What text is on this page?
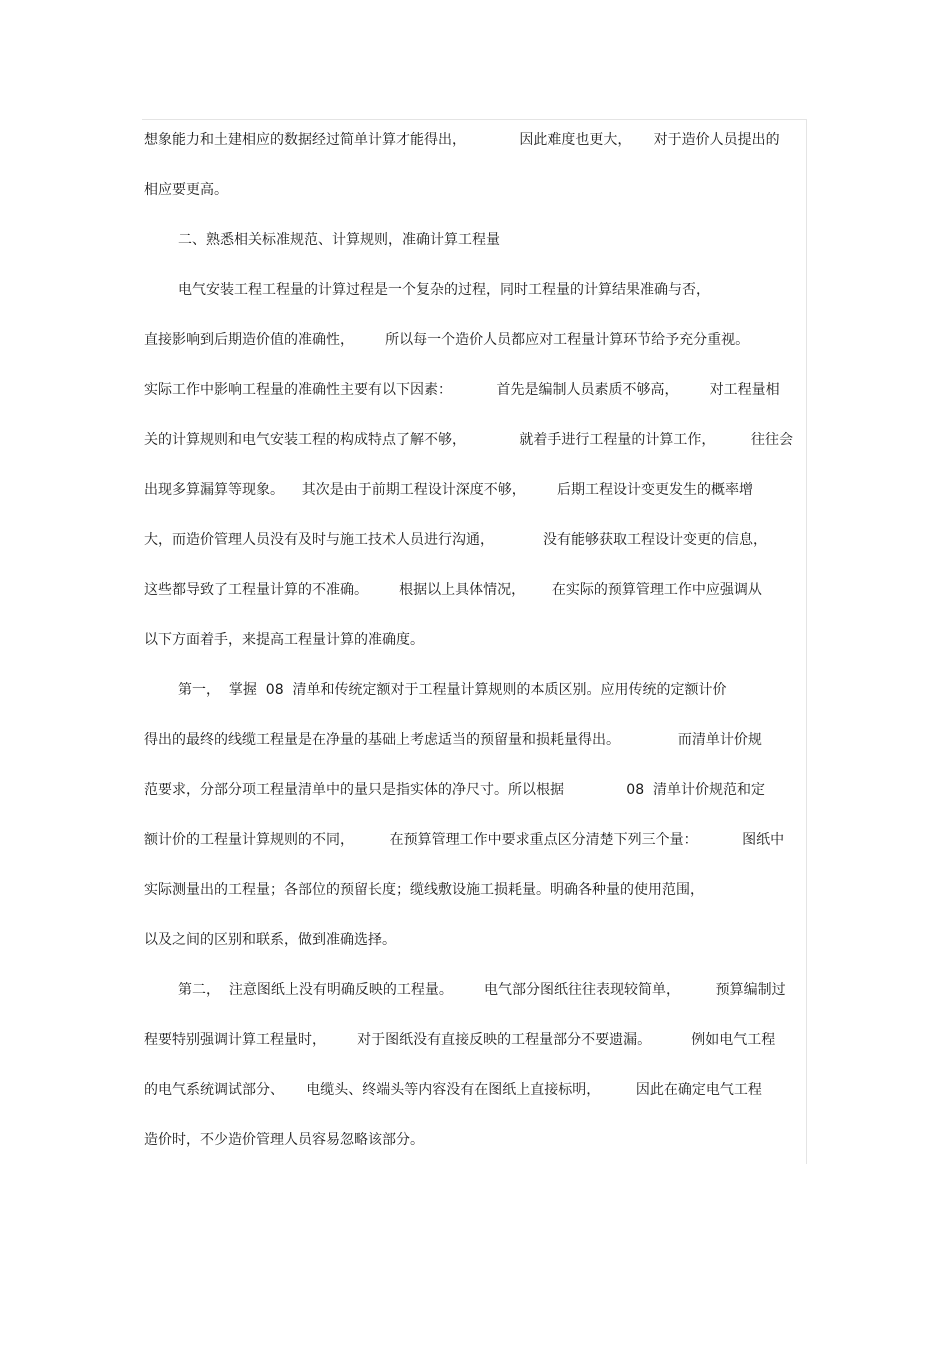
想象能力和土建相应的数据经过简单计算才能得出，            因此难度也更大，     对于造价人员提出的
相应要更高。
二、熟悉相关标准规范、计算规则，准确计算工程量
电气安装工程工程量的计算过程是一个复杂的过程，同时工程量的计算结果准确与否，
直接影响到后期造价值的准确性，       所以每一个造价人员都应对工程量计算环节给予充分重视。
实际工作中影响工程量的准确性主要有以下因素：          首先是编制人员素质不够高，       对工程量相
关的计算规则和电气安装工程的构成特点了解不够，            就着手进行工程量的计算工作，        往往会
出现多算漏算等现象。    其次是由于前期工程设计深度不够，       后期工程设计变更发生的概率增
大，而造价管理人员没有及时与施工技术人员进行沟通，           没有能够获取工程设计变更的信息，
这些都导致了工程量计算的不准确。       根据以上具体情况，      在实际的预算管理工作中应强调从
以下方面着手，来提高工程量计算的准确度。
第一，  掌握  08  清单和传统定额对于工程量计算规则的本质区别。应用传统的定额计价
得出的最终的线缆工程量是在净量的基础上考虑适当的预留量和损耗量得出。             而清单计价规
范要求，分部分项工程量清单中的量只是指实体的净尺寸。所以根据              08  清单计价规范和定
额计价的工程量计算规则的不同，        在预算管理工作中要求重点区分清楚下列三个量：          图纸中
实际测量出的工程量；各部位的预留长度；缆线敷设施工损耗量。明确各种量的使用范围，
以及之间的区别和联系，做到准确选择。
第二，  注意图纸上没有明确反映的工程量。       电气部分图纸往往表现较简单，        预算编制过
程要特别强调计算工程量时，       对于图纸没有直接反映的工程量部分不要遗漏。         例如电气工程
的电气系统调试部分、     电缆头、终端头等内容没有在图纸上直接标明，        因此在确定电气工程
造价时，不少造价管理人员容易忽略该部分。
